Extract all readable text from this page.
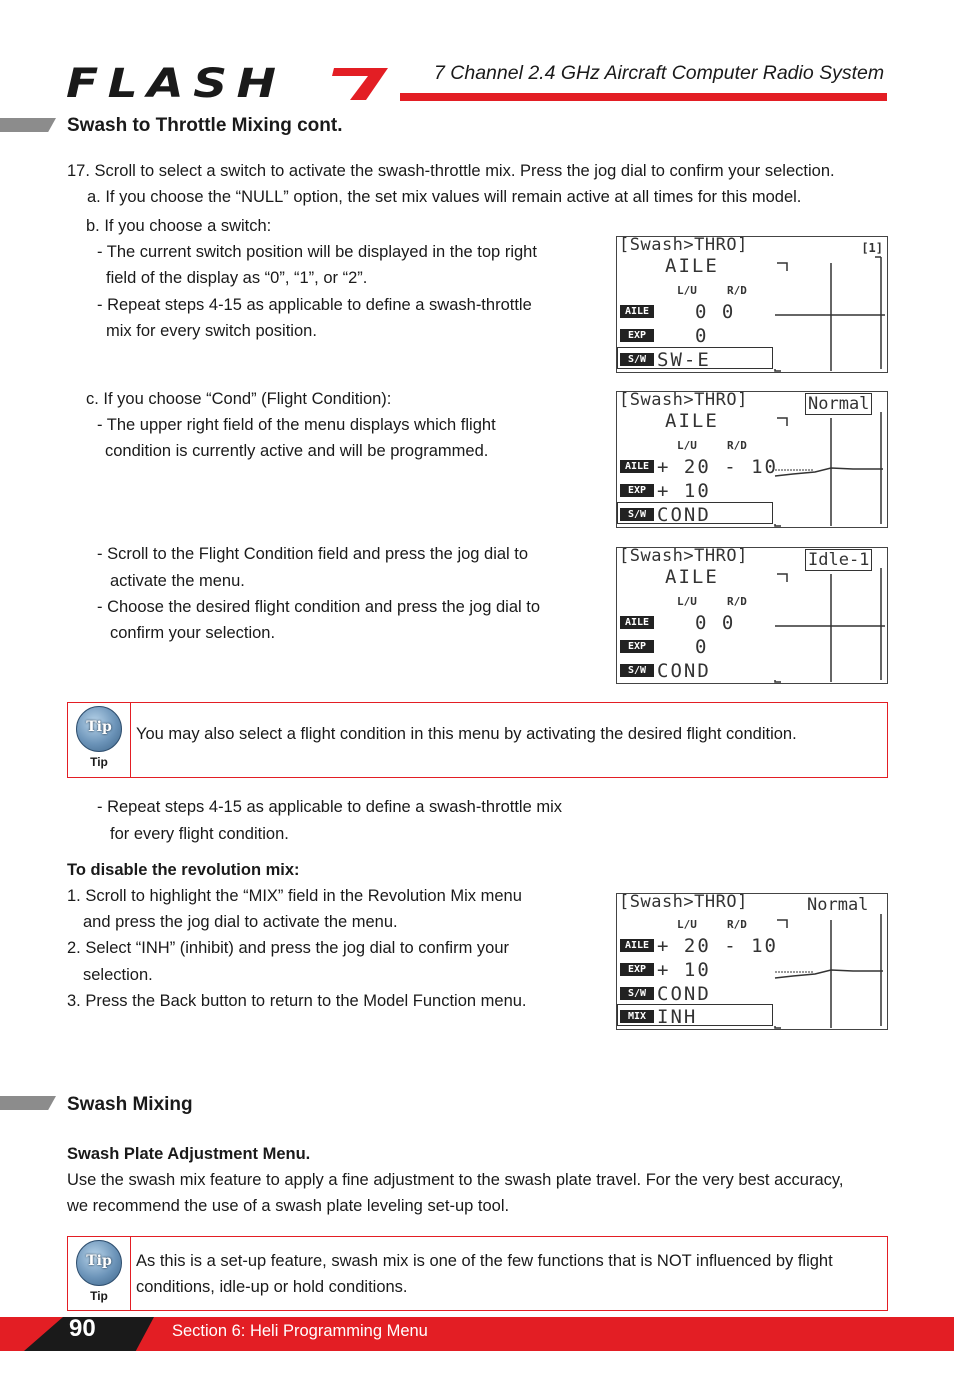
FLASH	7 Channel 2.4 GHz Aircraft Computer Radio System
Swash to Throttle Mixing cont.
17. Scroll to select a switch to activate the swash-throttle mix. Press the jog dial to confirm your selection.
a. If you choose the “NULL” option, the set mix values will remain active at all times for this model.
b. If you choose a switch:
- The current switch position will be displayed in the top right
field of the display as “0”, “1”, or “2”.
- Repeat steps 4-15 as applicable to define a swash-throttle
mix for every switch position.
c. If you choose “Cond” (Flight Condition):
- The upper right field of the menu displays which flight
condition is currently active and will be programmed.
- Scroll to the Flight Condition field and press the jog dial to
activate the menu.
- Choose the desired flight condition and press the jog dial to
confirm your selection.
[Swash>THRO]	[1]
AILE
L/U	R/D
AILE 0 0
EXP	0
S/W SW-E
[Swash>THRO]	Normal
AILE
L/U	R/D
AILE + 20 - 10
EXP + 10
S/W COND
[Swash>THRO]	Idle-1
AILE
L/U	R/D
AILE 0 0
EXP	0
S/W COND
Tip
Tip
You may also select a flight condition in this menu by activating the desired flight condition.
- Repeat steps 4-15 as applicable to define a swash-throttle mix
for every flight condition.
To disable the revolution mix:
1. Scroll to highlight the “MIX” field in the Revolution Mix menu
and press the jog dial to activate the menu.
2. Select “INH” (inhibit) and press the jog dial to confirm your
selection.
3. Press the Back button to return to the Model Function menu.
[Swash>THRO]	Normal
L/U	R/D
AILE + 20 - 10
EXP + 10
S/W COND
MIX INH
Swash Mixing
Swash Plate Adjustment Menu.
Use the swash mix feature to apply a fine adjustment to the swash plate travel. For the very best accuracy,
we recommend the use of a swash plate leveling set-up tool.
Tip
Tip
As this is a set-up feature, swash mix is one of the few functions that is NOT influenced by flight
conditions, idle-up or hold conditions.
90	Section 6: Heli Programming Menu
